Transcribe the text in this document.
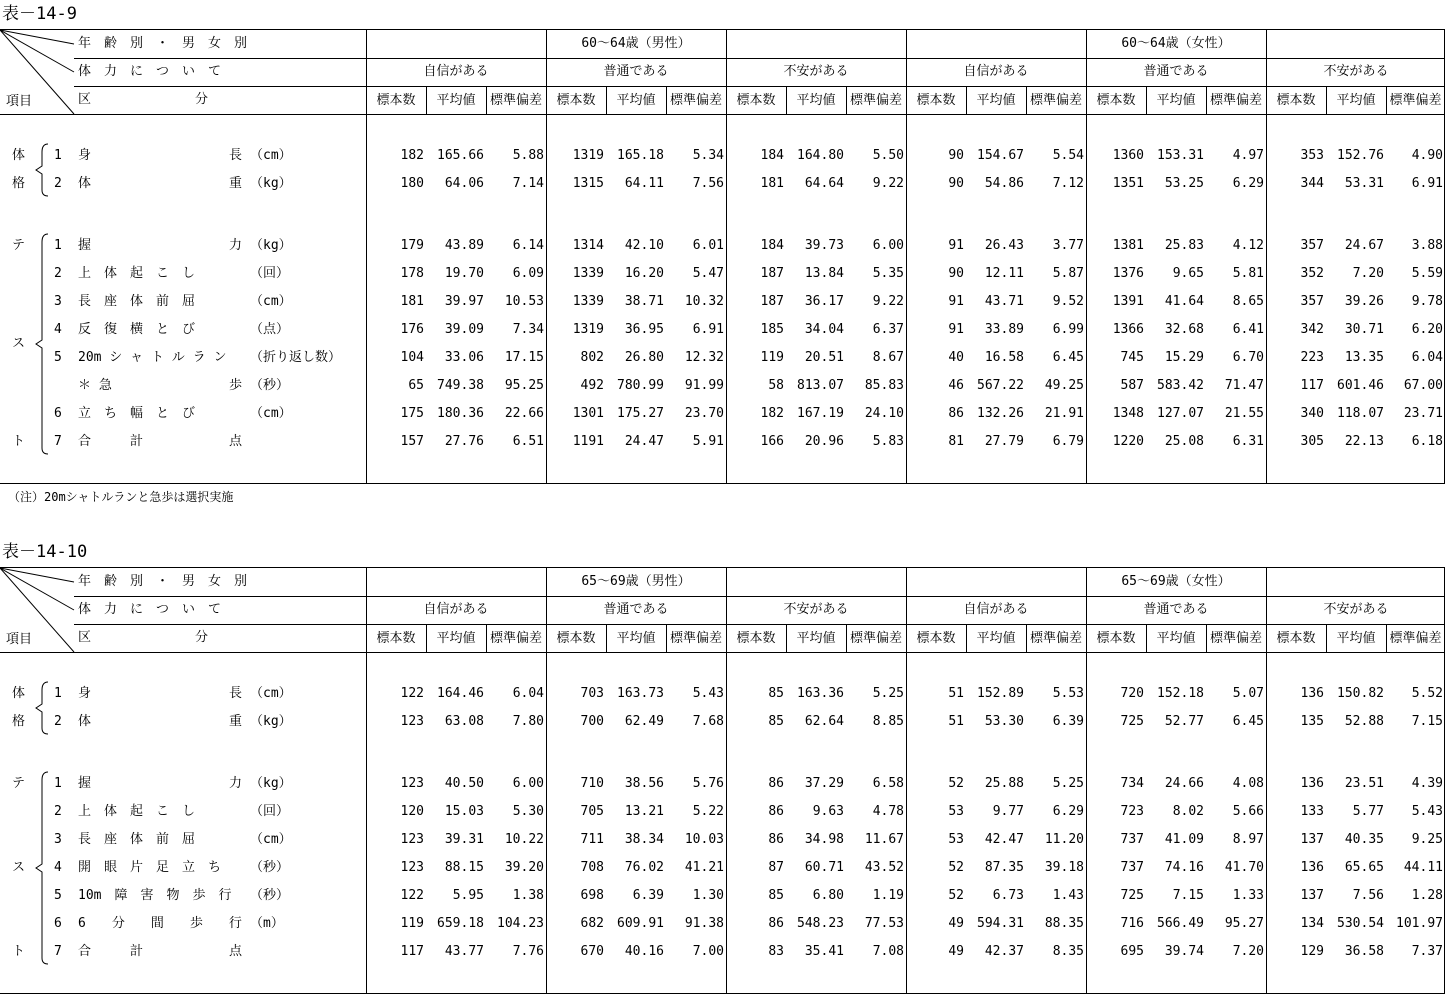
表－14-9
年　齢　別　・　男　女　別
体　力　に　つ　い　て
区　　　　　　　　分
項目
60～64歳（男性）	60～64歳（女性）
自信がある	普通である	不安がある	自信がある	普通である	不安がある
標本数	平均値	標準偏差	標本数	平均値	標準偏差	標本数	平均値	標準偏差	標本数	平均値	標準偏差	標本数	平均値	標準偏差	標本数	平均値	標準偏差
体
格
テ
ス
ト
1 身	長 （cm）	182	165.66	5.88	1319	165.18	5.34	184	164.80	5.50	90	154.67	5.54	1360	153.31	4.97	353	152.76	4.90
2 体	重 （kg）	180	64.06	7.14	1315	64.11	7.56	181	64.64	9.22	90	54.86	7.12	1351	53.25	6.29	344	53.31	6.91
1 握	力 （kg）	179	43.89	6.14	1314	42.10	6.01	184	39.73	6.00	91	26.43	3.77	1381	25.83	4.12	357	24.67	3.88
2 上　体　起　こ　し	（回）	178	19.70	6.09	1339	16.20	5.47	187	13.84	5.35	90	12.11	5.87	1376	9.65	5.81	352	7.20	5.59
3 長　座　体　前　屈	（cm）	181	39.97	10.53	1339	38.71	10.32	187	36.17	9.22	91	43.71	9.52	1391	41.64	8.65	357	39.26	9.78
4 反　復　横　と　び	（点）	176	39.09	7.34	1319	36.95	6.91	185	34.04	6.37	91	33.89	6.99	1366	32.68	6.41	342	30.71	6.20
5 20m シ ャ ト ル ラ ン （折り返し数）	104	33.06	17.15	802	26.80	12.32	119	20.51	8.67	40	16.58	6.45	745	15.29	6.70	223	13.35	6.04
＊ 急	歩 （秒）	65	749.38	95.25	492	780.99	91.99	58	813.07	85.83	46	567.22	49.25	587	583.42	71.47	117	601.46	67.00
6 立　ち　幅　と　び	（cm）	175	180.36	22.66	1301	175.27	23.70	182	167.19	24.10	86	132.26	21.91	1348	127.07	21.55	340	118.07	23.71
7 合　　　計	点	157	27.76	6.51	1191	24.47	5.91	166	20.96	5.83	81	27.79	6.79	1220	25.08	6.31	305	22.13	6.18
（注）20mシャトルランと急歩は選択実施
表－14-10
年　齢　別　・　男　女　別
体　力　に　つ　い　て
区　　　　　　　　分
項目
65～69歳（男性）	65～69歳（女性）
自信がある	普通である	不安がある	自信がある	普通である	不安がある
標本数	平均値	標準偏差	標本数	平均値	標準偏差	標本数	平均値	標準偏差	標本数	平均値	標準偏差	標本数	平均値	標準偏差	標本数	平均値	標準偏差
体
格
テ
ス
ト
1 身	長 （cm）	122	164.46	6.04	703	163.73	5.43	85	163.36	5.25	51	152.89	5.53	720	152.18	5.07	136	150.82	5.52
2 体	重 （kg）	123	63.08	7.80	700	62.49	7.68	85	62.64	8.85	51	53.30	6.39	725	52.77	6.45	135	52.88	7.15
1 握	力 （kg）	123	40.50	6.00	710	38.56	5.76	86	37.29	6.58	52	25.88	5.25	734	24.66	4.08	136	23.51	4.39
2 上　体　起　こ　し	（回）	120	15.03	5.30	705	13.21	5.22	86	9.63	4.78	53	9.77	6.29	723	8.02	5.66	133	5.77	5.43
3 長　座　体　前　屈	（cm）	123	39.31	10.22	711	38.34	10.03	86	34.98	11.67	53	42.47	11.20	737	41.09	8.97	137	40.35	9.25
4 開　眼　片　足　立　ち （秒）	123	88.15	39.20	708	76.02	41.21	87	60.71	43.52	52	87.35	39.18	737	74.16	41.70	136	65.65	44.11
5 10m　障　害　物　歩　行 （秒）	122	5.95	1.38	698	6.39	1.30	85	6.80	1.19	52	6.73	1.43	725	7.15	1.33	137	7.56	1.28
6 6　　分　　間　　歩　　行 （m）	119	659.18	104.23	682	609.91	91.38	86	548.23	77.53	49	594.31	88.35	716	566.49	95.27	134	530.54 101.97
7 合　　　計	点	117	43.77	7.76	670	40.16	7.00	83	35.41	7.08	49	42.37	8.35	695	39.74	7.20	129	36.58	7.37
